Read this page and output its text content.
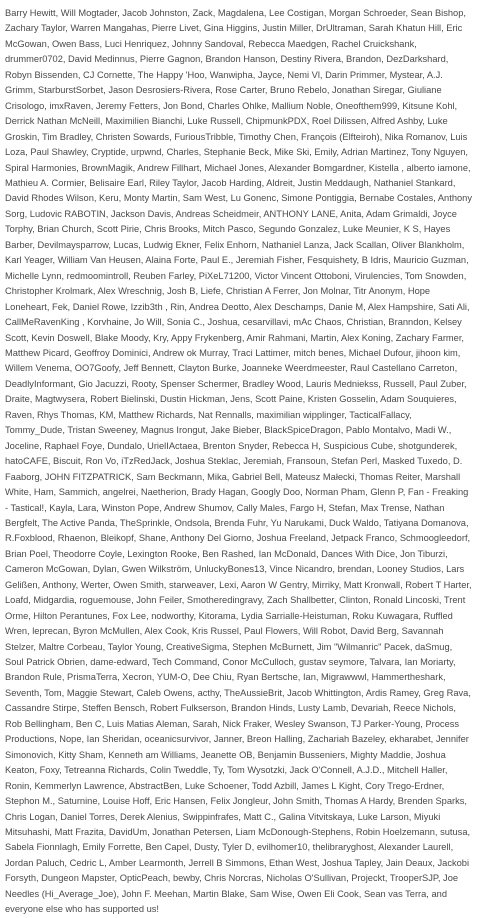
Barry Hewitt, Will Mogtader, Jacob Johnston, Zack, Magdalena, Lee Costigan, Morgan Schroeder, Sean Bishop, Zachary Taylor, Warren Mangahas, Pierre Livet, Gina Higgins, Justin Miller, DrUltraman, Sarah Khatun Hill, Eric McGowan, Owen Bass, Luci Henriquez, Johnny Sandoval, Rebecca Maedgen, Rachel Cruickshank, drummer0702, David Medinnus, Pierre Gagnon, Brandon Hanson, Destiny Rivera, Brandon, DezDarkshard, Robyn Bissenden, CJ Cornette, The Happy 'Hoo, Wanwipha, Jayce, Nemi Vl, Darin Primmer, Mystear, A.J. Grimm, StarburstSorbet, Jason Desrosiers-Rivera, Rose Carter, Bruno Rebelo, Jonathan Siregar, Giuliane Crisologo, imxRaven, Jeremy Fetters, Jon Bond, Charles Ohlke, Mallium Noble, Oneofthem999, Kitsune Kohl, Derrick Nathan McNeill, Maximilien Bianchi, Luke Russell, ChipmunkPDX, Roel Dilissen, Alfred Ashby, Luke Groskin, Tim Bradley, Christen Sowards, FuriousTribble, Timothy Chen, François (Elfteiroh), Nika Romanov, Luis Loza, Paul Shawley, Cryptide, urpwnd, Charles, Stephanie Beck, Mike Ski, Emily, Adrian Martinez, Tony Nguyen, Spiral Harmonies, BrownMagik, Andrew Fillhart, Michael Jones, Alexander Bomgardner, Kistella , alberto iamone, Mathieu A. Cormier, Belisaire Earl, Riley Taylor, Jacob Harding, Aldreit, Justin Meddaugh, Nathaniel Stankard, David Rhodes Wilson, Keru, Monty Martin, Sam West, Lu Gonenc, Simone Pontiggia, Bernabe Costales, Anthony Sorg, Ludovic RABOTIN, Jackson Davis, Andreas Scheidmeir, ANTHONY LANE, Anita, Adam Grimaldi, Joyce Torphy, Brian Church, Scott Pirie, Chris Brooks, Mitch Pasco, Segundo Gonzalez, Luke Meunier, K S, Hayes Barber, Devilmaysparrow, Lucas, Ludwig Ekner, Felix Enhorn, Nathaniel Lanza, Jack Scallan, Oliver Blankholm, Karl Yeager, William Van Heusen, Alaina Forte, Paul E., Jeremiah Fisher, Fesquishety, B Idris, Mauricio Guzman, Michelle Lynn, redmoomintroll, Reuben Farley, PiXeL71200, Victor Vincent Ottoboni, Virulencies, Tom Snowden, Christopher Krolmark, Alex Wreschnig, Josh B, Liefe, Christian A Ferrer, Jon Molnar, Titr Anonym, Hope Loneheart, Fek, Daniel Rowe, Izzib3th , Rin, Andrea Deotto, Alex Deschamps, Danie M, Alex Hampshire, Sati Ali, CallMeRavenKing , Korvhaine, Jo Will, Sonia C., Joshua, cesarvillavi, mAc Chaos, Christian, Branndon, Kelsey Scott, Kevin Doswell, Blake Moody, Kry, Appy Frykenberg, Amir Rahmani, Martin, Alex Koning, Zachary Farmer, Matthew Picard, Geoffroy Dominici, Andrew ok Murray, Traci Lattimer, mitch benes, Michael Dufour, jihoon kim, Willem Venema, OO7Goofy, Jeff Bennett, Clayton Burke, Joanneke Weerdmeester, Raul Castellano Carreton, DeadlyInformant, Gio Jacuzzi, Rooty, Spenser Schermer, Bradley Wood, Lauris Medniekss, Russell, Paul Zuber, Draite, Magtwysera, Robert Bielinski, Dustin Hickman, Jens, Scott Paine, Kristen Gosselin, Adam Souquieres, Raven, Rhys Thomas, KM, Matthew Richards, Nat Rennalls, maximilian wipplinger, TacticalFallacy, Tommy_Dude, Tristan Sweeney, Magnus Irongut, Jake Bieber, BlackSpiceDragon, Pablo Montalvo, Madi W., Joceline, Raphael Foye, Dundalo, UrielIActaea, Brenton Snyder, Rebecca H, Suspicious Cube, shotgunderek, hatoCAFE, Biscuit, Ron Vo, iTzRedJack, Joshua Steklac, Jeremiah, Fransoun, Stefan Perl, Masked Tuxedo, D. Faaborg, JOHN FITZPATRICK, Sam Beckmann, Mika, Gabriel Bell, Mateusz Małecki, Thomas Reiter, Marshall White, Ham, Sammich, angelrei, Naetherion, Brady Hagan, Googly Doo, Norman Pham, Glenn P, Fan - Freaking - Tastical!, Kayla, Lara, Winston Pope, Andrew Shumov, Cally Males, Fargo H, Stefan, Max Trense, Nathan Bergfelt, The Active Panda, TheSprinkle, Ondsola, Brenda Fuhr, Yu Narukami, Duck Waldo, Tatiyana Domanova, R.Foxblood, Rhaenon, Bleikopf, Shane, Anthony Del Giorno, Joshua Freeland, Jetpack Franco, Schmoogleedorf, Brian Poel, Theodorre Coyle, Lexington Rooke, Ben Rashed, Ian McDonald, Dances With Dice, Jon Tiburzi, Cameron McGowan, Dylan, Gwen Wilkström, UnluckyBones13, Vince Nicandro, brendan, Looney Studios, Lars Gelißen, Anthony, Werter, Owen Smith, starweaver, Lexi, Aaron W Gentry, Mirriky, Matt Kronwall, Robert T Harter, Loafd, Midgardia, roguemouse, John Feiler, Smotheredingravy, Zach Shallbetter, Clinton, Ronald Lincoski, Trent Orme, Hilton Perantunes, Fox Lee, nodworthy, Kitorama, Lydia Sarrialle-Heistuman, Roku Kuwagara, Ruffled Wren, leprecan, Byron McMullen, Alex Cook, Kris Russel, Paul Flowers, Will Robot, David Berg, Savannah Stelzer, Maltre Corbeau, Taylor Young, CreativeSigma, Stephen McBurnett, Jim "Wilmanric" Pacek, daSmug, Soul Patrick Obrien, dame-edward, Tech Command, Conor McCulloch, gustav seymore, Talvara, Ian Moriarty, Brandon Rule, PrismaTerra, Xecron, YUM-O, Dee Chiu, Ryan Bertsche, Ian, Migrawwwl, Hammertheshark, Seventh, Tom, Maggie Stewart, Caleb Owens, acthy, TheAussieBrit, Jacob Whittington, Ardis Ramey, Greg Rava, Cassandre Stirpe, Steffen Bensch, Robert Fulkserson, Brandon Hinds, Lusty Lamb, Devariah, Reece Nichols, Rob Bellingham, Ben C, Luis Matias Aleman, Sarah, Nick Fraker, Wesley Swanson, TJ Parker-Young, Process Productions, Nope, Ian Sheridan, oceanicsurvivor, Janner, Breon Halling, Zachariah Bazeley, ekharabet, Jennifer Simonovich, Kitty Sham, Kenneth am Williams, Jeanette OB, Benjamin Busseniers, Mighty Maddie, Joshua Keaton, Foxy, Tetreanna Richards, Colin Tweddle, Ty, Tom Wysotzki, Jack O'Connell, A.J.D., Mitchell Haller, Ronin, Kemmerlyn Lawrence, AbstractBen, Luke Schoener, Todd Azbill, James L Kight, Cory Trego-Erdner, Stephon M., Saturnine, Louise Hoff, Eric Hansen, Felix Jongleur, John Smith, Thomas A Hardy, Brenden Sparks, Chris Logan, Daniel Torres, Derek Alenius, Swippinfrafes, Matt C., Galina Vitvitskaya, Luke Larson, Miyuki Mitsuhashi, Matt Frazita, DavidUm, Jonathan Petersen, Liam McDonough-Stephens, Robin Hoelzemann, sutusa, Sabela Fionnlagh, Emily Forrette, Ben Capel, Dusty, Tyler D, evilhomer10, thelibraryghost, Alexander Laurell, Jordan Paluch, Cedric L, Amber Learmonth, Jerrell B Simmons, Ethan West, Joshua Tapley, Jain Deaux, Jackobi Forsyth, Dungeon Mapster, OpticPeach, bewby, Chris Norcras, Nicholas O'Sullivan, Projeckt, TrooperSJP, Joe Needles (Hi_Average_Joe), John F. Meehan, Martin Blake, Sam Wise, Owen Eli Cook, Sean vas Terra, and everyone else who has supported us!
